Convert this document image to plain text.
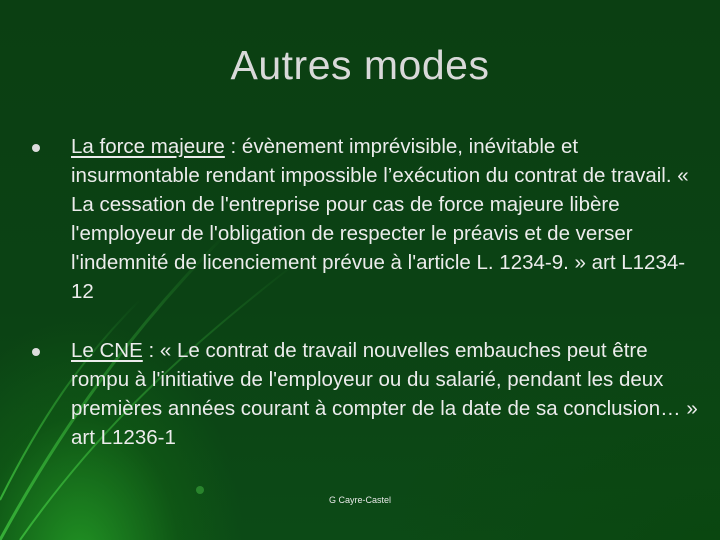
Autres modes
La force majeure : évènement imprévisible, inévitable et insurmontable rendant impossible l’exécution du contrat de travail. « La cessation de l'entreprise pour cas de force majeure libère l'employeur de l'obligation de respecter le préavis et de verser l'indemnité de licenciement prévue à l'article L. 1234-9. » art L1234-12
Le CNE : « Le contrat de travail nouvelles embauches peut être rompu à l'initiative de l'employeur ou du salarié, pendant les deux premières années courant à compter de la date de sa conclusion… » art L1236-1
G Cayre-Castel
